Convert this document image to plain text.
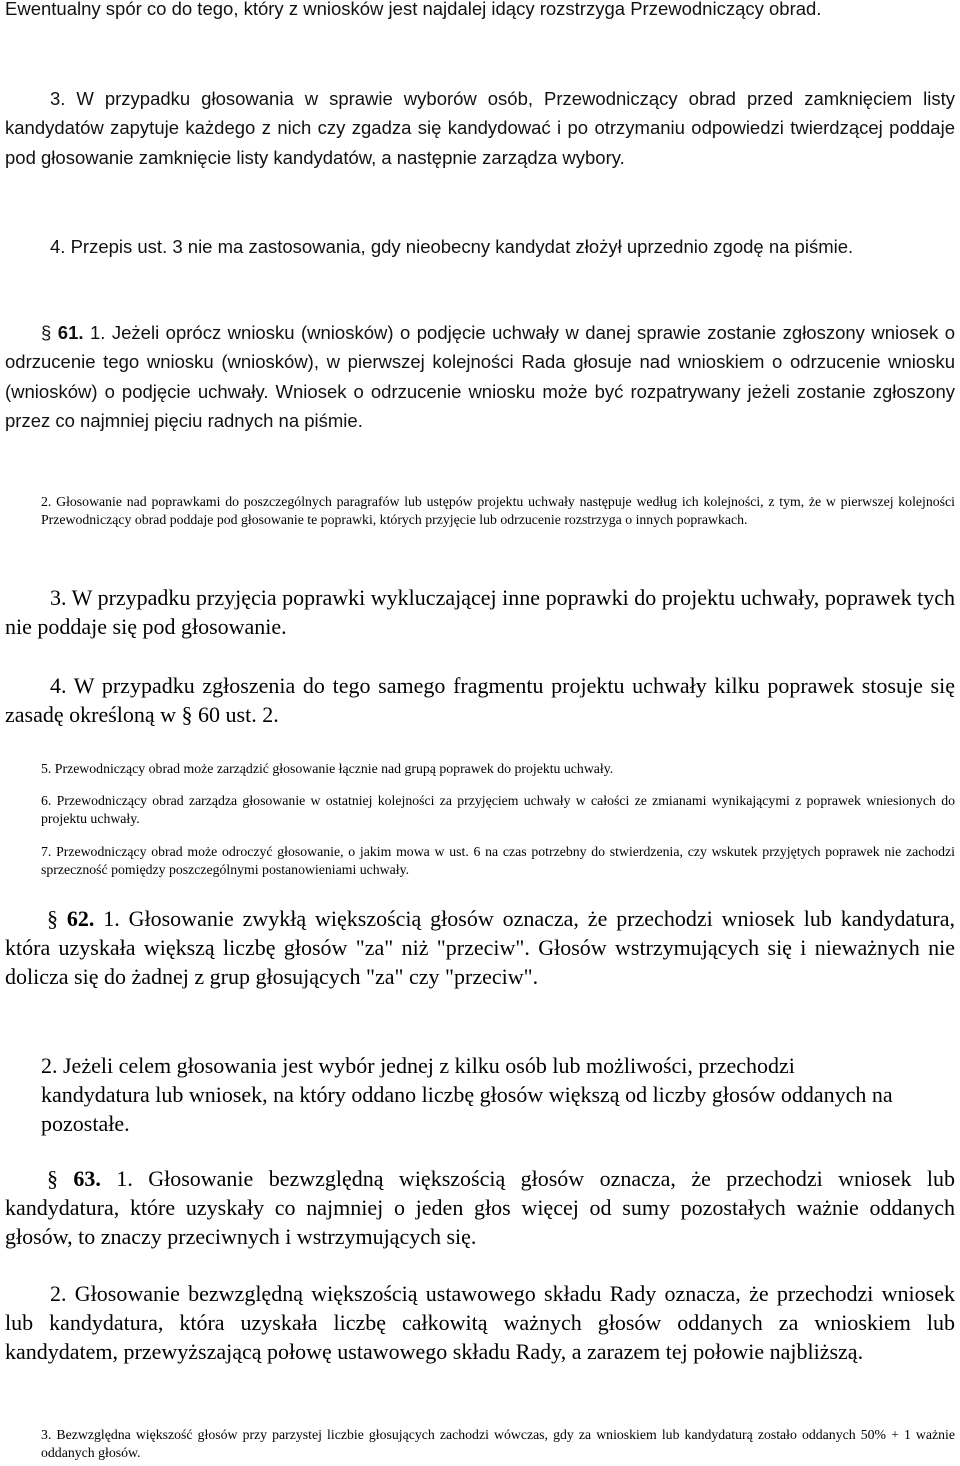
Ewentualny spór co do tego, który z wniosków jest najdalej idący rozstrzyga Przewodniczący obrad.

3. W przypadku głosowania w sprawie wyborów osób, Przewodniczący obrad przed zamknięciem listy kandydatów zapytuje każdego z nich czy zgadza się kandydować i po otrzymaniu odpowiedzi twierdzącej poddaje pod głosowanie zamknięcie listy kandydatów, a następnie zarządza wybory.

4. Przepis ust. 3 nie ma zastosowania, gdy nieobecny kandydat złożył uprzednio zgodę na piśmie.

§ 61. 1. Jeżeli oprócz wniosku (wniosków) o podjęcie uchwały w danej sprawie zostanie zgłoszony wniosek o odrzucenie tego wniosku (wniosków), w pierwszej kolejności Rada głosuje nad wnioskiem o odrzucenie wniosku (wniosków) o podjęcie uchwały. Wniosek o odrzucenie wniosku może być rozpatrywany jeżeli zostanie zgłoszony przez co najmniej pięciu radnych na piśmie.

2. Głosowanie nad poprawkami do poszczególnych paragrafów lub ustępów projektu uchwały następuje według ich kolejności, z tym, że w pierwszej kolejności Przewodniczący obrad poddaje pod głosowanie te poprawki, których przyjęcie lub odrzucenie rozstrzyga o innych poprawkach.

3. W przypadku przyjęcia poprawki wykluczającej inne poprawki do projektu uchwały, poprawek tych nie poddaje się pod głosowanie.

4. W przypadku zgłoszenia do tego samego fragmentu projektu uchwały kilku poprawek stosuje się zasadę określoną w § 60 ust. 2.

5. Przewodniczący obrad może zarządzić głosowanie łącznie nad grupą poprawek do projektu uchwały.

6. Przewodniczący obrad zarządza głosowanie w ostatniej kolejności za przyjęciem uchwały w całości ze zmianami wynikającymi z poprawek wniesionych do projektu uchwały.

7. Przewodniczący obrad może odroczyć głosowanie, o jakim mowa w ust. 6 na czas potrzebny do stwierdzenia, czy wskutek przyjętych poprawek nie zachodzi sprzeczność pomiędzy poszczególnymi postanowieniami uchwały.

§ 62. 1. Głosowanie zwykłą większością głosów oznacza, że przechodzi wniosek lub kandydatura, która uzyskała większą liczbę głosów "za" niż "przeciw". Głosów wstrzymujących się i nieważnych nie dolicza się do żadnej z grup głosujących "za" czy "przeciw".

2. Jeżeli celem głosowania jest wybór jednej z kilku osób lub możliwości, przechodzi kandydatura lub wniosek, na który oddano liczbę głosów większą od liczby głosów oddanych na pozostałe.

§ 63. 1. Głosowanie bezwzględną większością głosów oznacza, że przechodzi wniosek lub kandydatura, które uzyskały co najmniej o jeden głos więcej od sumy pozostałych ważnie oddanych głosów, to znaczy przeciwnych i wstrzymujących się.

2. Głosowanie bezwzględną większością ustawowego składu Rady oznacza, że przechodzi wniosek lub kandydatura, która uzyskała liczbę całkowitą ważnych głosów oddanych za wnioskiem lub kandydatem, przewyższającą połowę ustawowego składu Rady, a zarazem tej połowie najbliższą.

3. Bezwzględna większość głosów przy parzystej liczbie głosujących zachodzi wówczas, gdy za wnioskiem lub kandydaturą zostało oddanych 50% + 1 ważnie oddanych głosów.
